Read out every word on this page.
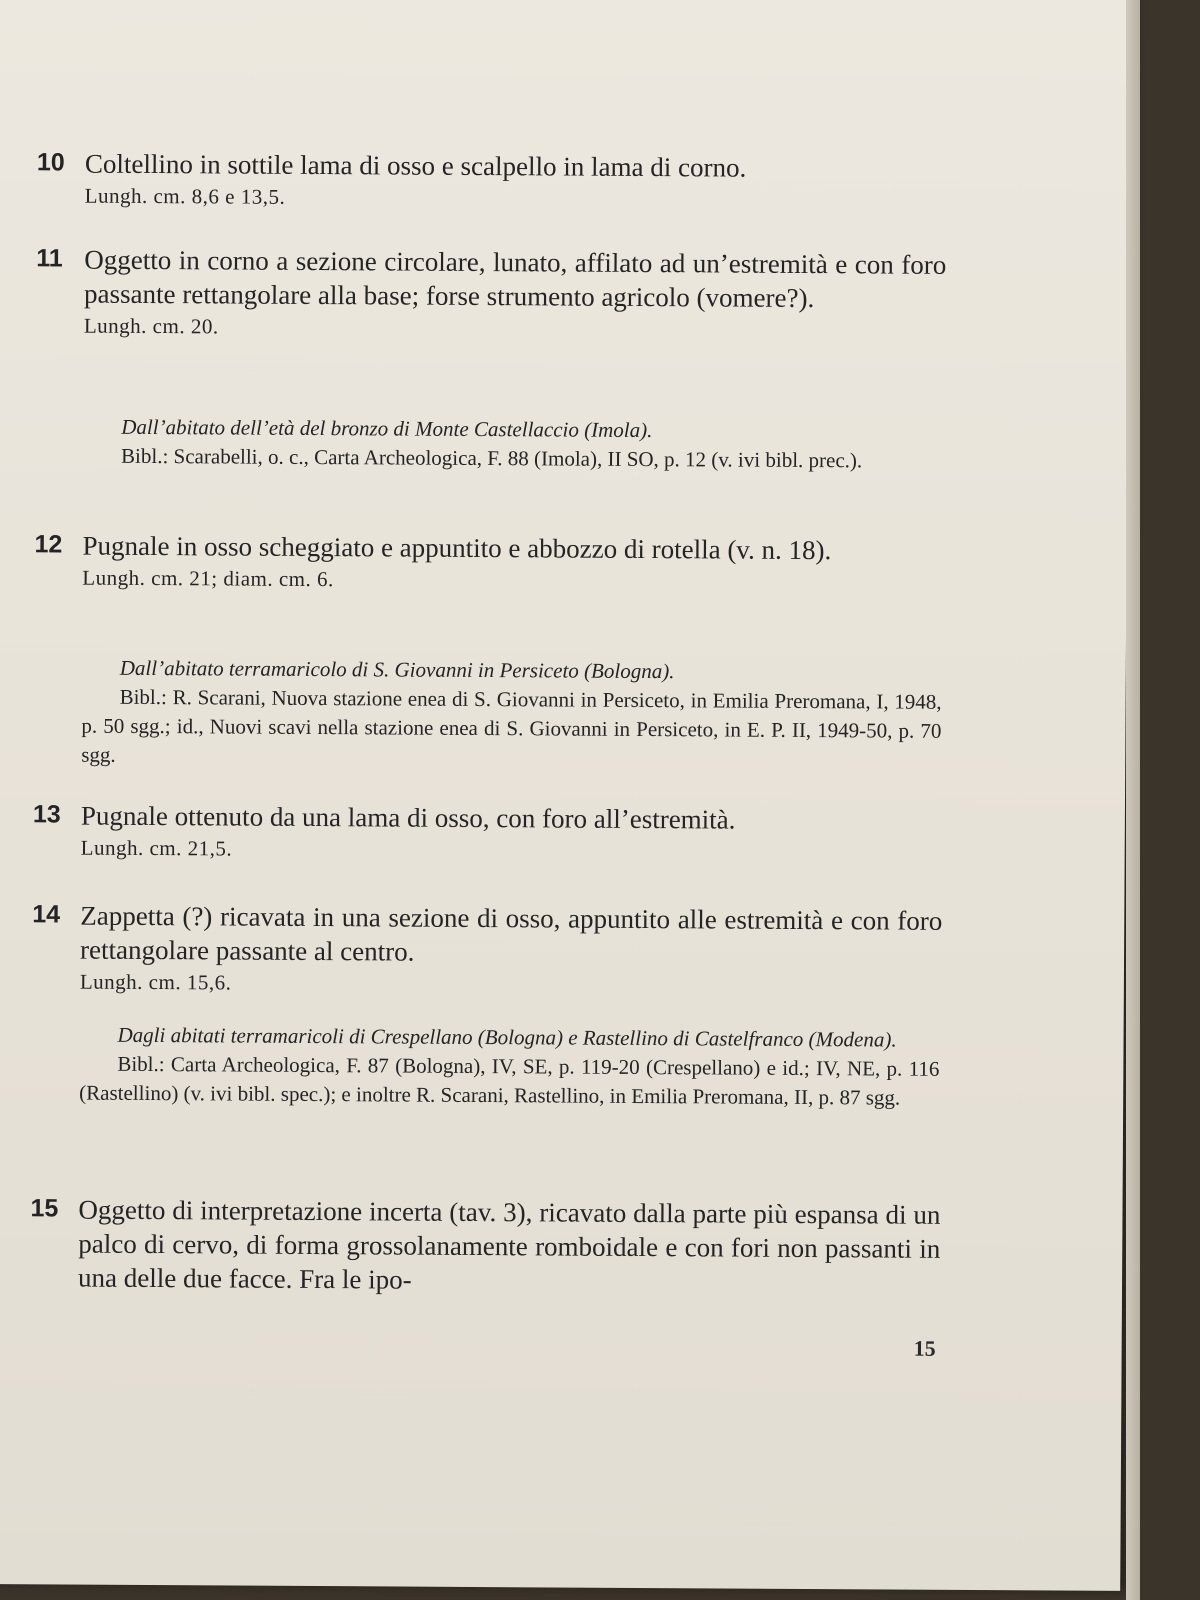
10 Coltellino in sottile lama di osso e scalpello in lama di corno.
Lungh. cm. 8,6 e 13,5.
11 Oggetto in corno a sezione circolare, lunato, affilato ad un’estremità e con foro passante rettangolare alla base; forse strumento agricolo (vomere?).
Lungh. cm. 20.
Dall’abitato dell’età del bronzo di Monte Castellaccio (Imola).
Bibl.: Scarabelli, o. c., Carta Archeologica, F. 88 (Imola), II SO, p. 12 (v. ivi bibl. prec.).
12 Pugnale in osso scheggiato e appuntito e abbozzo di rotella (v. n. 18).
Lungh. cm. 21; diam. cm. 6.
Dall’abitato terramaricolo di S. Giovanni in Persiceto (Bologna).
Bibl.: R. Scarani, Nuova stazione enea di S. Giovanni in Persiceto, in Emilia Preromana, I, 1948, p. 50 sgg.; id., Nuovi scavi nella stazione enea di S. Giovanni in Persiceto, in E. P. II, 1949-50, p. 70 sgg.
13 Pugnale ottenuto da una lama di osso, con foro all’estremità.
Lungh. cm. 21,5.
14 Zappetta (?) ricavata in una sezione di osso, appuntito alle estremità e con foro rettangolare passante al centro.
Lungh. cm. 15,6.
Dagli abitati terramaricoli di Crespellano (Bologna) e Rastellino di Castelfranco (Modena).
Bibl.: Carta Archeologica, F. 87 (Bologna), IV, SE, p. 119-20 (Crespellano) e id.; IV, NE, p. 116 (Rastellino) (v. ivi bibl. spec.); e inoltre R. Scarani, Rastellino, in Emilia Preromana, II, p. 87 sgg.
15 Oggetto di interpretazione incerta (tav. 3), ricavato dalla parte più espansa di un palco di cervo, di forma grossolanamente romboidale e con fori non passanti in una delle due facce. Fra le ipo-
15
